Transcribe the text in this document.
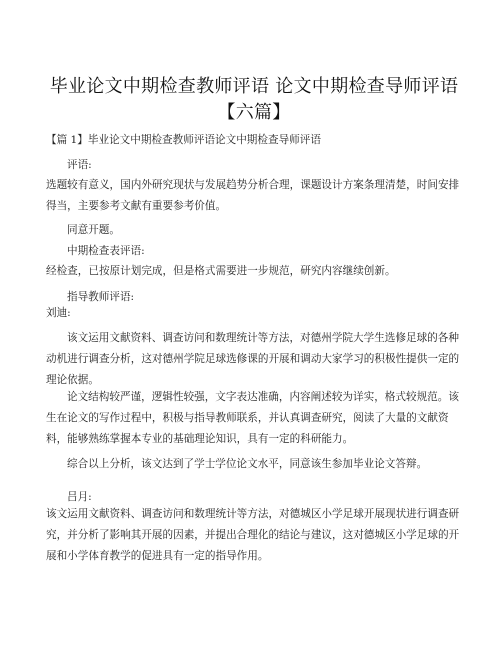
毕业论文中期检查教师评语 论文中期检查导师评语【六篇】

【篇 1】毕业论文中期检查教师评语论文中期检查导师评语

评语:

选题较有意义，国内外研究现状与发展趋势分析合理，课题设计方案条理清楚，时间安排得当，主要参考文献有重要参考价值。

同意开题。

中期检查表评语:

经检查，已按原计划完成，但是格式需要进一步规范，研究内容继续创新。

指导教师评语:

刘迪:

该文运用文献资料、调查访问和数理统计等方法，对德州学院大学生选修足球的各种动机进行调查分析，这对德州学院足球选修课的开展和调动大家学习的积极性提供一定的理论依据。

论文结构较严谨，逻辑性较强，文字表达准确，内容阐述较为详实，格式较规范。该生在论文的写作过程中，积极与指导教师联系，并认真调查研究，阅读了大量的文献资料，能够熟练掌握本专业的基础理论知识，具有一定的科研能力。

综合以上分析，该文达到了学士学位论文水平，同意该生参加毕业论文答辩。

吕月:

该文运用文献资料、调查访问和数理统计等方法，对德城区小学足球开展现状进行调查研究，并分析了影响其开展的因素，并提出合理化的结论与建议，这对德城区小学足球的开展和小学体育教学的促进具有一定的指导作用。
